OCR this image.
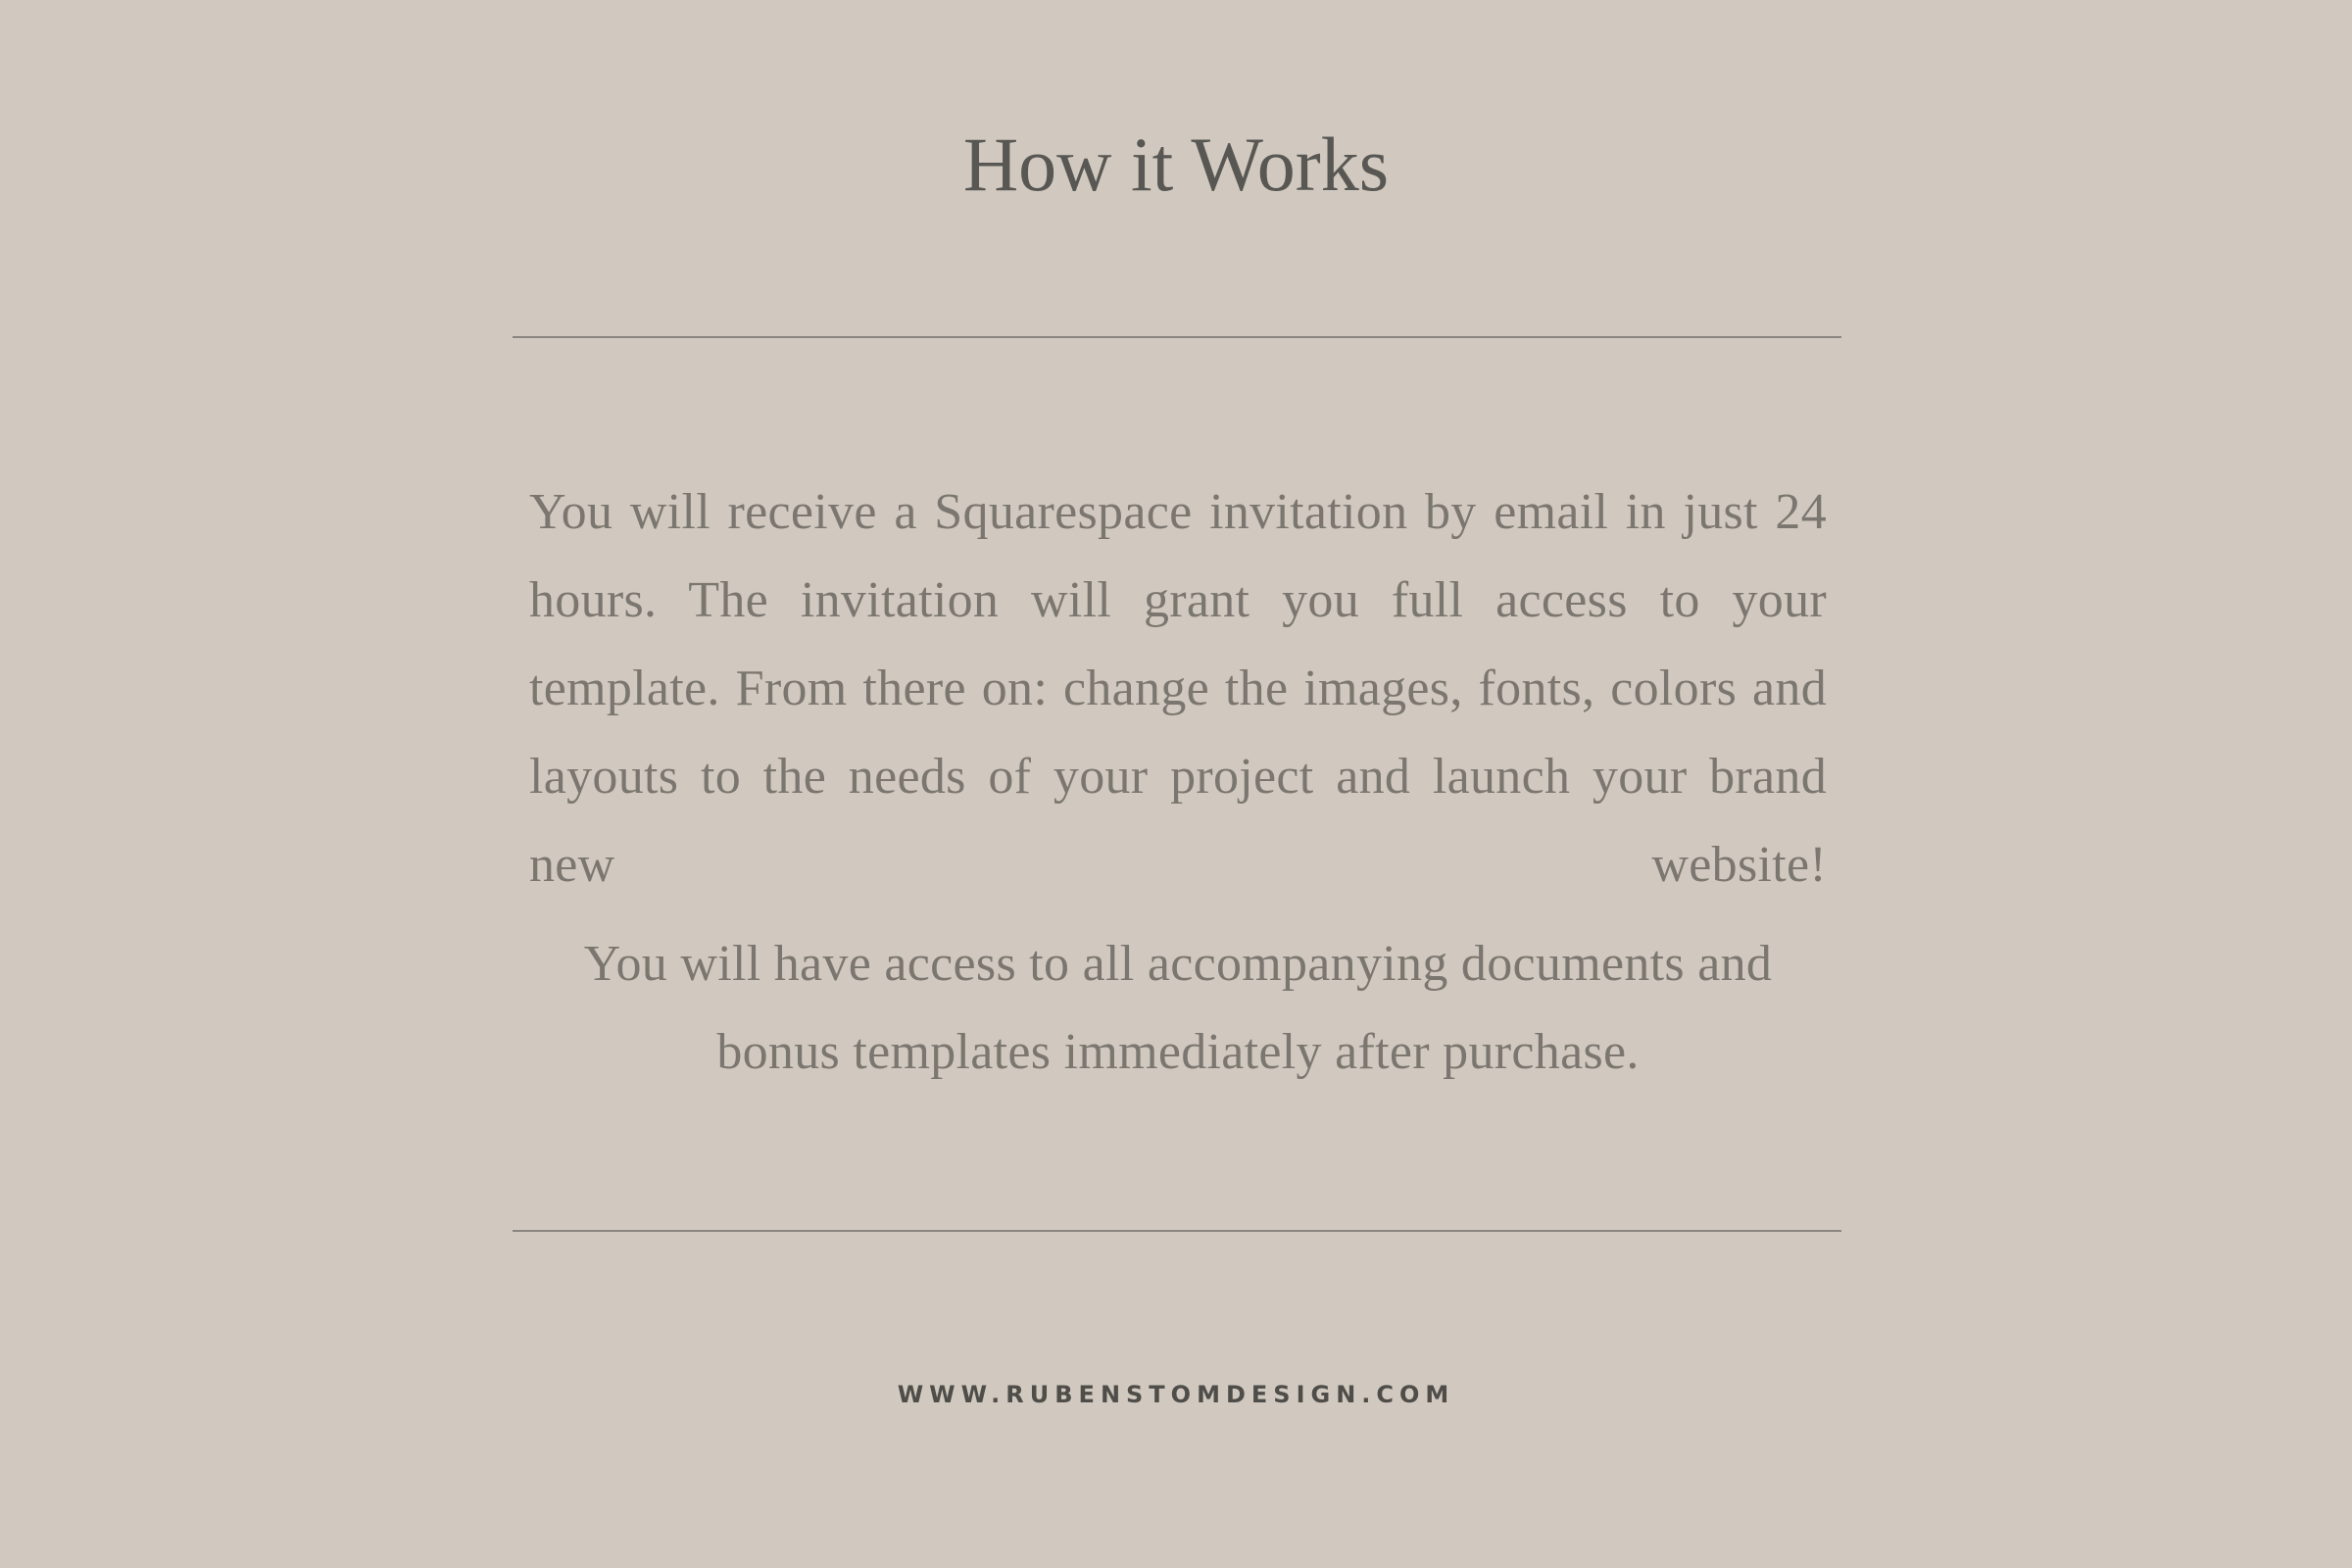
How it Works

You will receive a Squarespace invitation by email in just 24 hours. The invitation will grant you full access to your template. From there on: change the images, fonts, colors and layouts to the needs of your project and launch your brand new website!

You will have access to all accompanying documents and bonus templates immediately after purchase.

WWW.RUBENSTOMDESIGN.COM
